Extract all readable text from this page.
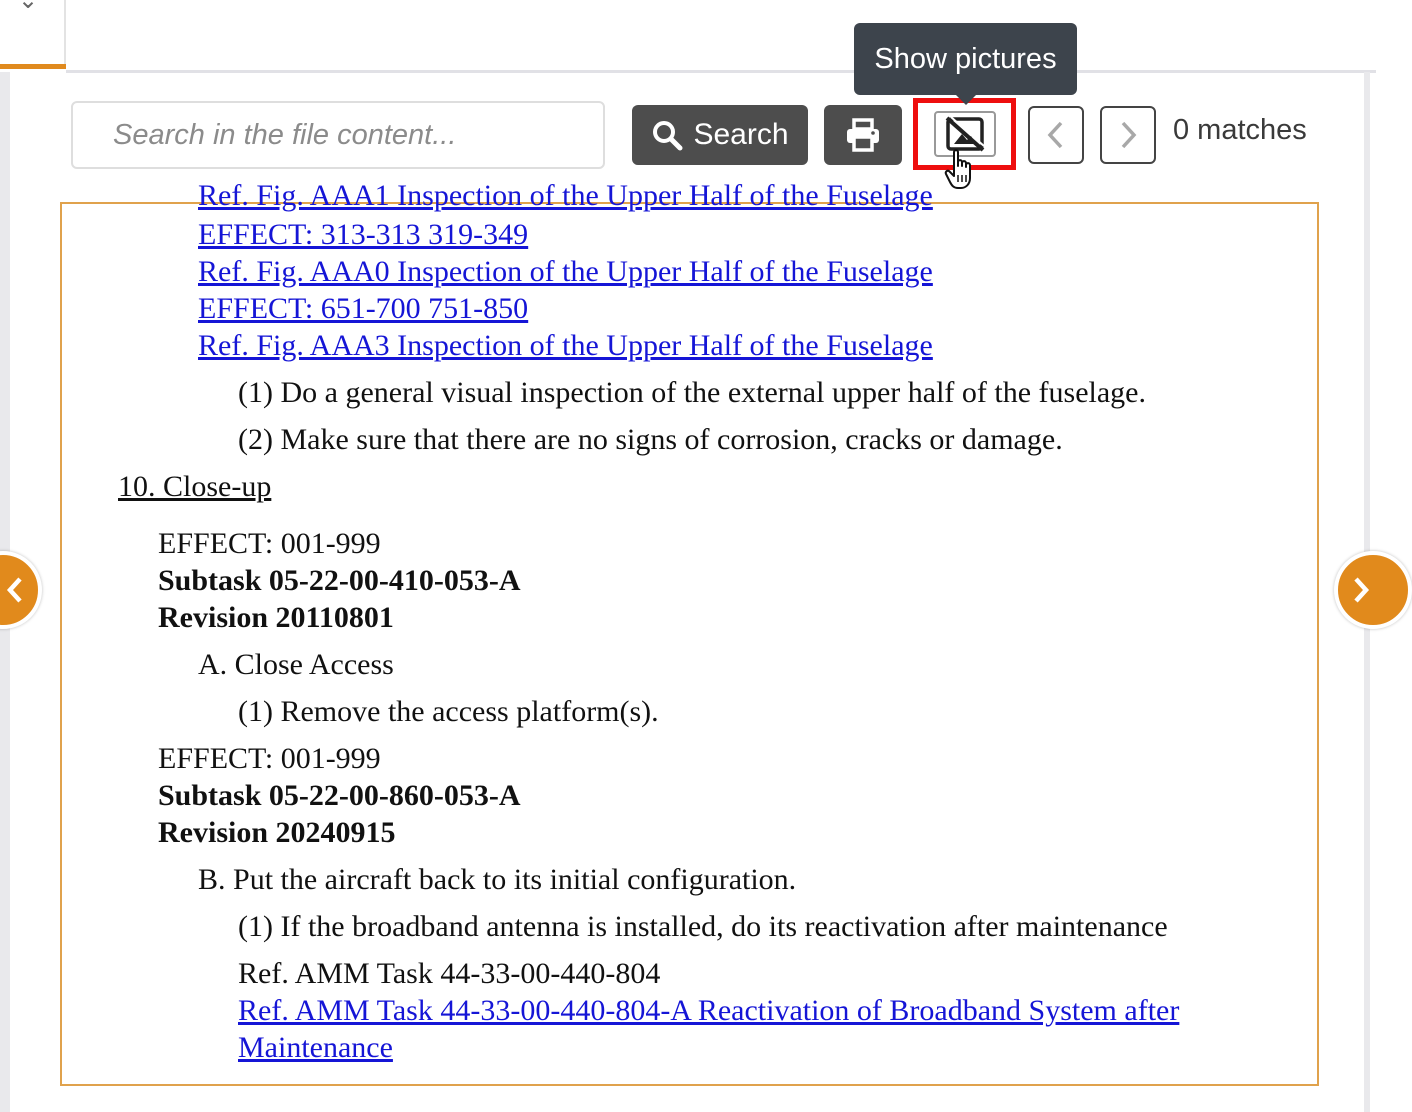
⌄
Search in the file content...
Search	0 matches
Show pictures
Ref. Fig. AAA1 Inspection of the Upper Half of the Fuselage
EFFECT: 313-313 319-349
Ref. Fig. AAA0 Inspection of the Upper Half of the Fuselage
EFFECT: 651-700 751-850
Ref. Fig. AAA3 Inspection of the Upper Half of the Fuselage
(1) Do a general visual inspection of the external upper half of the fuselage.
(2) Make sure that there are no signs of corrosion, cracks or damage.
10. Close-up
EFFECT: 001-999
Subtask 05-22-00-410-053-A
Revision 20110801
A. Close Access
(1) Remove the access platform(s).
EFFECT: 001-999
Subtask 05-22-00-860-053-A
Revision 20240915
B. Put the aircraft back to its initial configuration.
(1) If the broadband antenna is installed, do its reactivation after maintenance
Ref. AMM Task 44-33-00-440-804
Ref. AMM Task 44-33-00-440-804-A Reactivation of Broadband System after
Maintenance
